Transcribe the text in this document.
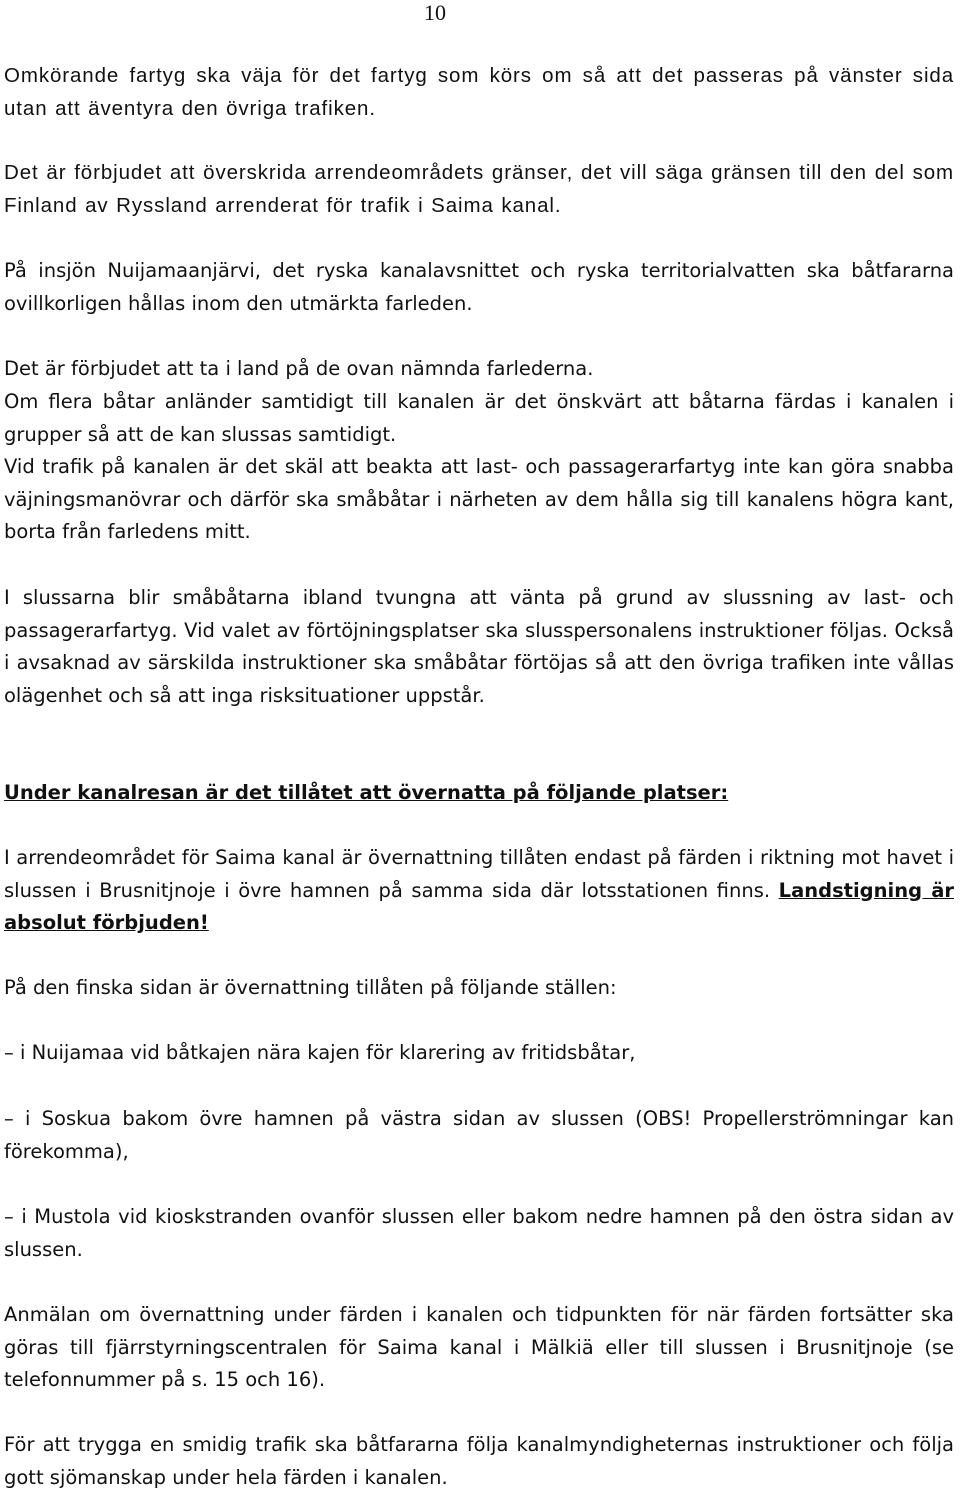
10

Omkörande fartyg ska väja för det fartyg som körs om så att det passeras på vänster sida utan att äventyra den övriga trafiken.

Det är förbjudet att överskrida arrendeområdets gränser, det vill säga gränsen till den del som Finland av Ryssland arrenderat för trafik i Saima kanal.

På insjön Nuijamaanjärvi, det ryska kanalavsnittet och ryska territorialvatten ska båtfararna ovillkorligen hållas inom den utmärkta farleden.

Det är förbjudet att ta i land på de ovan nämnda farlederna.

Om flera båtar anländer samtidigt till kanalen är det önskvärt att båtarna färdas i kanalen i grupper så att de kan slussas samtidigt.

Vid trafik på kanalen är det skäl att beakta att last- och passagerarfartyg inte kan göra snabba väjningsmanövrar och därför ska småbåtar i närheten av dem hålla sig till kanalens högra kant, borta från farledens mitt.

I slussarna blir småbåtarna ibland tvungna att vänta på grund av slussning av last- och passagerarfartyg. Vid valet av förtöjningsplatser ska slusspersonalens instruktioner följas. Också i avsaknad av särskilda instruktioner ska småbåtar förtöjas så att den övriga trafiken inte vållas olägenhet och så att inga risksituationer uppstår.

Under kanalresan är det tillåtet att övernatta på följande platser:

I arrendeområdet för Saima kanal är övernattning tillåten endast på färden i riktning mot havet i slussen i Brusnitjnoje i övre hamnen på samma sida där lotsstationen finns. Landstigning är absolut förbjuden!

På den finska sidan är övernattning tillåten på följande ställen:

– i Nuijamaa vid båtkajen nära kajen för klarering av fritidsbåtar,

– i Soskua bakom övre hamnen på västra sidan av slussen (OBS! Propellerströmningar kan förekomma),

– i Mustola vid kioskstranden ovanför slussen eller bakom nedre hamnen på den östra sidan av slussen.

Anmälan om övernattning under färden i kanalen och tidpunkten för när färden fortsätter ska göras till fjärrstyrningscentralen för Saima kanal i Mälkiä eller till slussen i Brusnitjnoje (se telefonnummer på s. 15 och 16).

För att trygga en smidig trafik ska båtfararna följa kanalmyndigheternas instruktioner och följa gott sjömanskap under hela färden i kanalen.
